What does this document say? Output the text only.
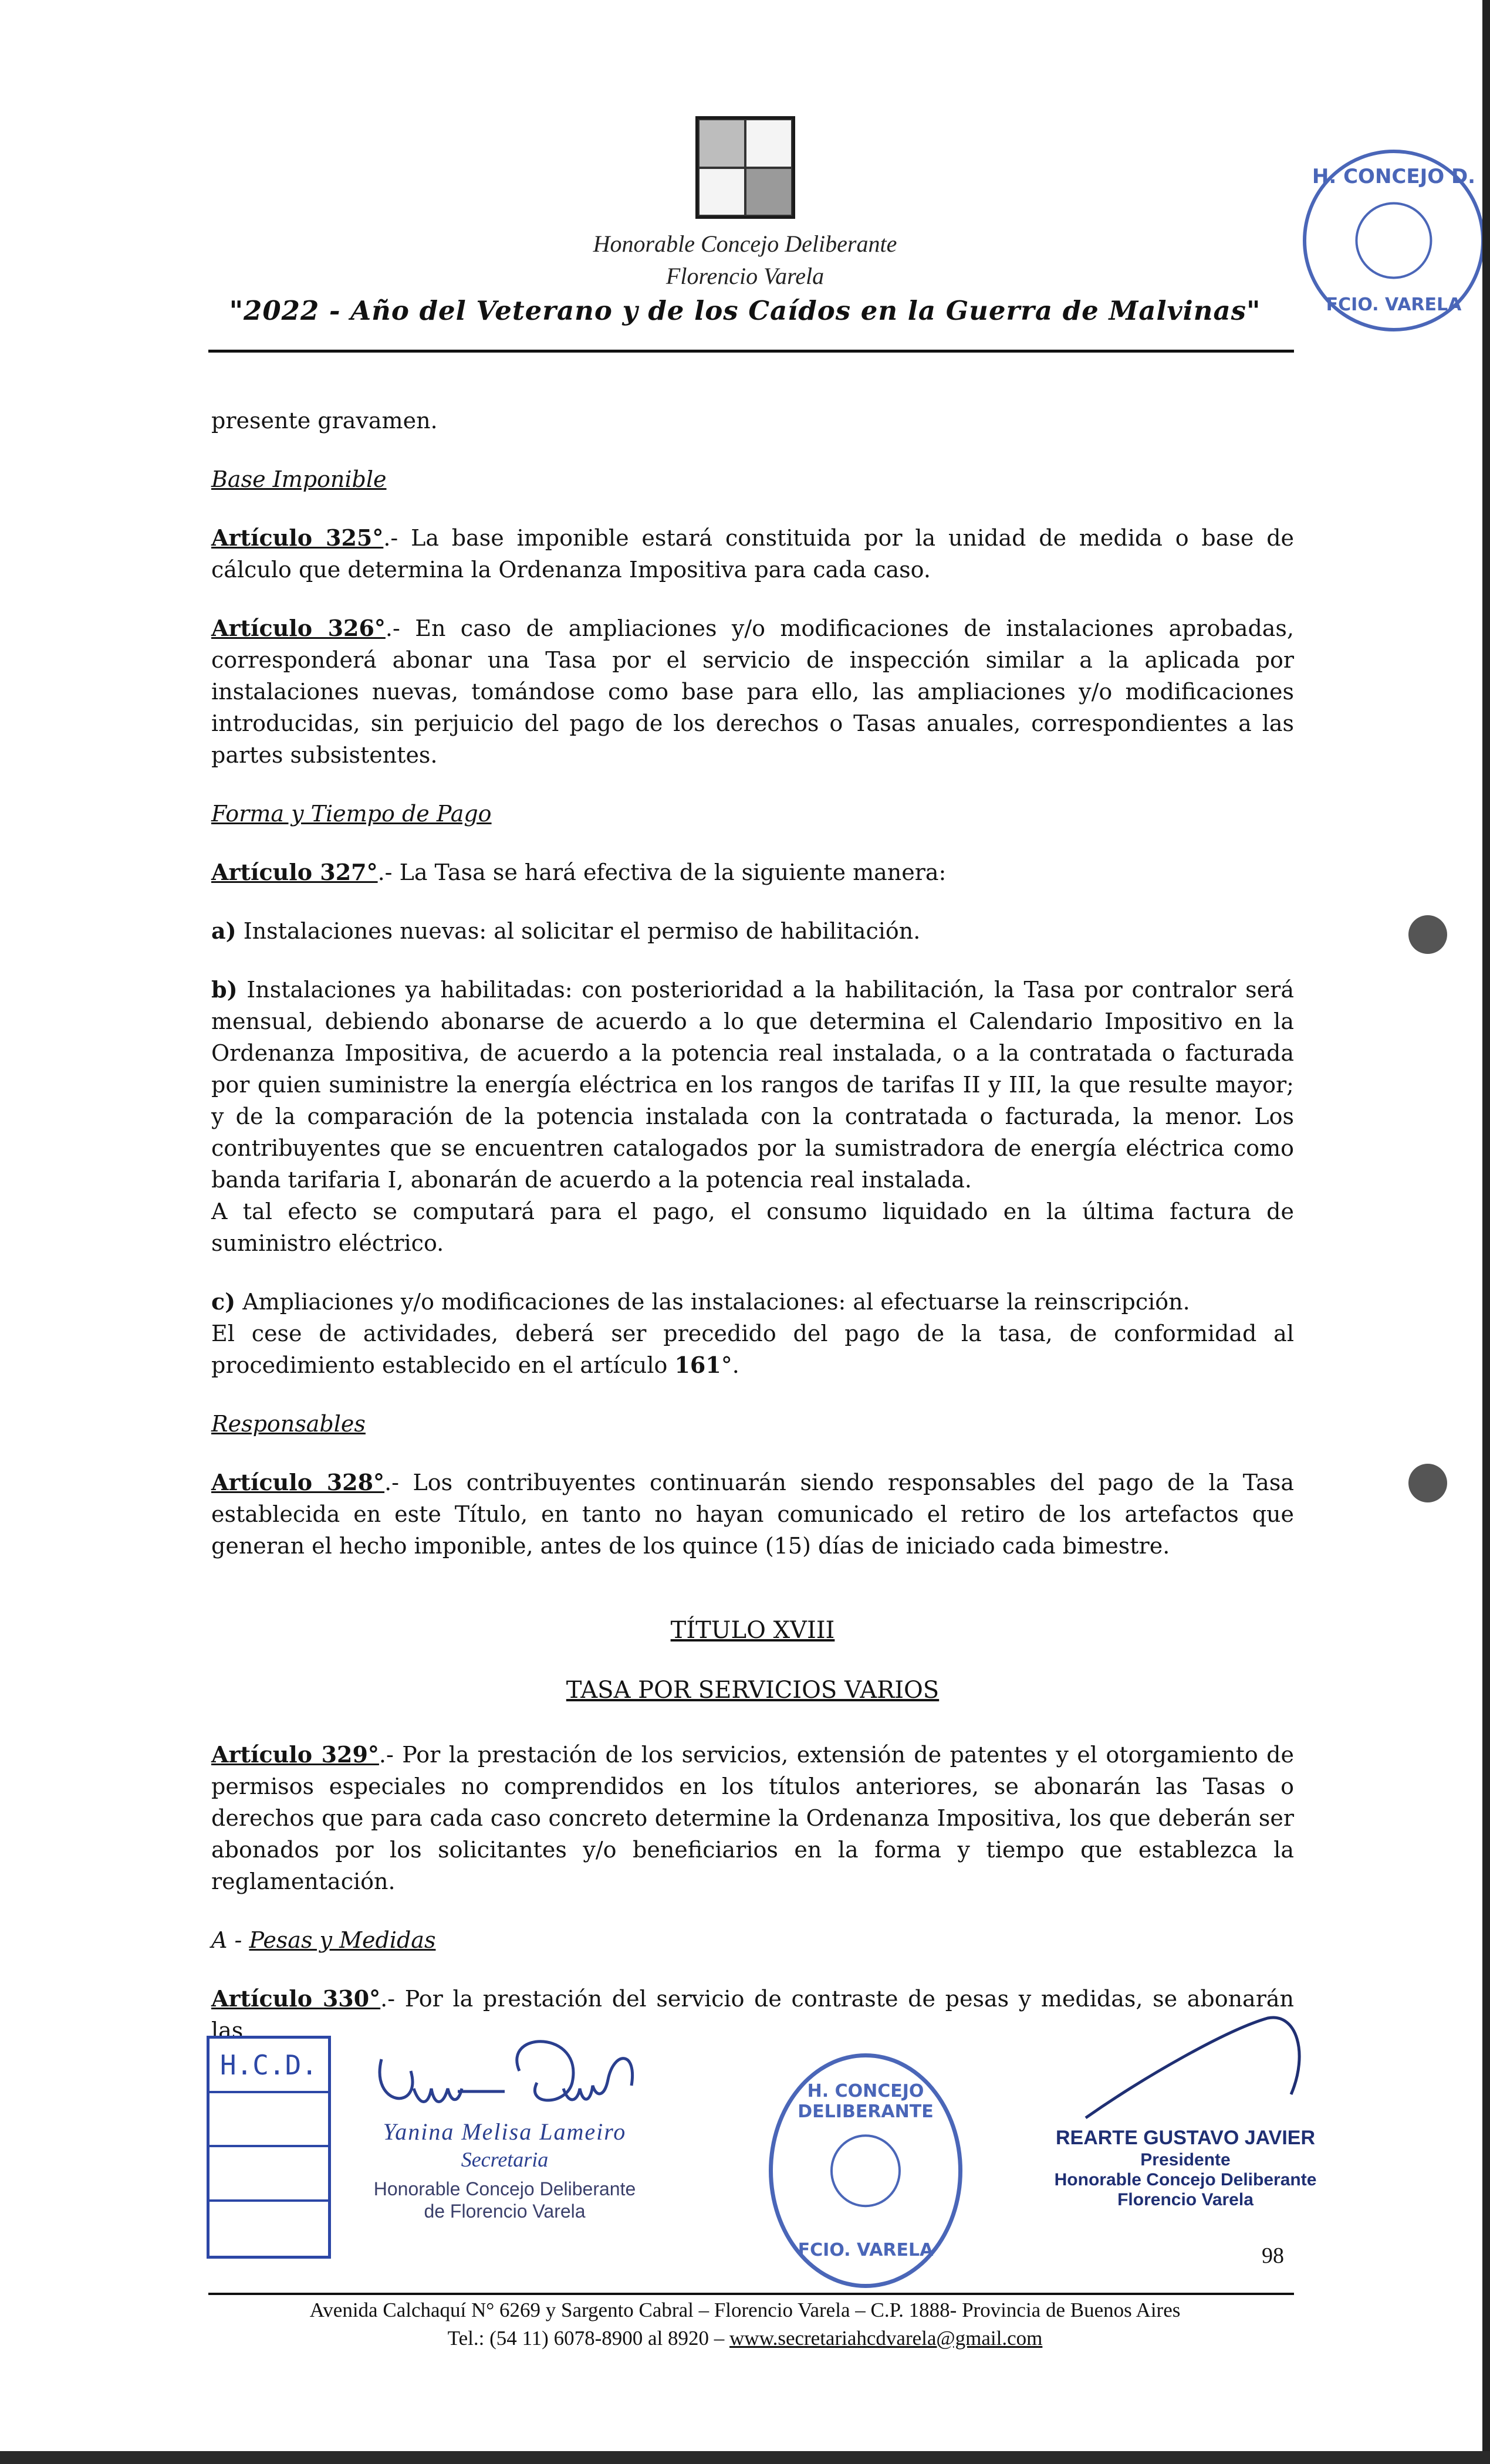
Honorable Concejo Deliberante
Florencio Varela
"2022 - Año del Veterano y de los Caídos en la Guerra de Malvinas"
H. CONCEJO D.
FCIO. VARELA

presente gravamen.

Base Imponible

Artículo 325°.- La base imponible estará constituida por la unidad de medida o base de cálculo que determina la Ordenanza Impositiva para cada caso.

Artículo 326°.- En caso de ampliaciones y/o modificaciones de instalaciones aprobadas, corresponderá abonar una Tasa por el servicio de inspección similar a la aplicada por instalaciones nuevas, tomándose como base para ello, las ampliaciones y/o modificaciones introducidas, sin perjuicio del pago de los derechos o Tasas anuales, correspondientes a las partes subsistentes.

Forma y Tiempo de Pago

Artículo 327°.- La Tasa se hará efectiva de la siguiente manera:

a) Instalaciones nuevas: al solicitar el permiso de habilitación.

b) Instalaciones ya habilitadas: con posterioridad a la habilitación, la Tasa por contralor será mensual, debiendo abonarse de acuerdo a lo que determina el Calendario Impositivo en la Ordenanza Impositiva, de acuerdo a la potencia real instalada, o a la contratada o facturada por quien suministre la energía eléctrica en los rangos de tarifas II y III, la que resulte mayor; y de la comparación de la potencia instalada con la contratada o facturada, la menor. Los contribuyentes que se encuentren catalogados por la sumistradora de energía eléctrica como banda tarifaria I, abonarán de acuerdo a la potencia real instalada.

A tal efecto se computará para el pago, el consumo liquidado en la última factura de suministro eléctrico.

c) Ampliaciones y/o modificaciones de las instalaciones: al efectuarse la reinscripción.

El cese de actividades, deberá ser precedido del pago de la tasa, de conformidad al procedimiento establecido en el artículo 161°.

Responsables

Artículo 328°.- Los contribuyentes continuarán siendo responsables del pago de la Tasa establecida en este Título, en tanto no hayan comunicado el retiro de los artefactos que generan el hecho imponible, antes de los quince (15) días de iniciado cada bimestre.

TÍTULO XVIII
TASA POR SERVICIOS VARIOS

Artículo 329°.- Por la prestación de los servicios, extensión de patentes y el otorgamiento de permisos especiales no comprendidos en los títulos anteriores, se abonarán las Tasas o derechos que para cada caso concreto determine la Ordenanza Impositiva, los que deberán ser abonados por los solicitantes y/o beneficiarios en la forma y tiempo que establezca la reglamentación.

A - Pesas y Medidas

Artículo 330°.- Por la prestación del servicio de contraste de pesas y medidas, se abonarán las

H.C.D.
Yanina Melisa Lameiro
Secretaria
Honorable Concejo Deliberante
de Florencio Varela
H. CONCEJO DELIBERANTE
FCIO. VARELA
REARTE GUSTAVO JAVIER
Presidente
Honorable Concejo Deliberante
Florencio Varela
98
Avenida Calchaquí N° 6269 y Sargento Cabral – Florencio Varela – C.P. 1888- Provincia de Buenos Aires
Tel.: (54 11) 6078-8900 al 8920 – www.secretariahcdvarela@gmail.com
